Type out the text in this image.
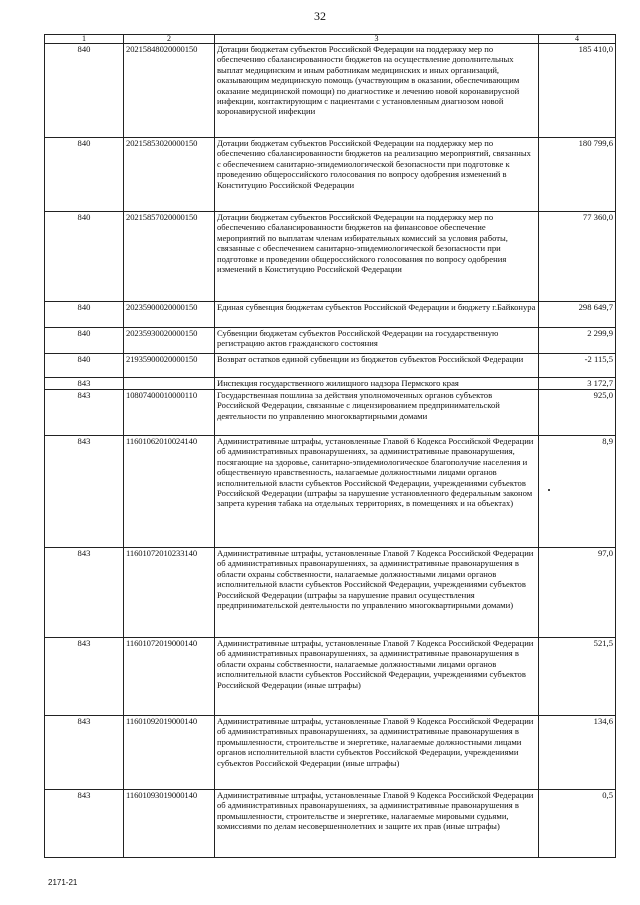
32
1	2	3	4
840	20215848020000150	Дотации бюджетам субъектов Российской Федерации на поддержку мер по обеспечению сбалансированности бюджетов на осуществление дополнительных выплат медицинским и иным работникам медицинских и иных организаций, оказывающим медицинскую помощь (участвующим в оказании, обеспечивающим оказание медицинской помощи) по диагностике и лечению новой коронавирусной инфекции, контактирующим с пациентами с установленным диагнозом новой коронавирусной инфекции	185 410,0
840	20215853020000150	Дотации бюджетам субъектов Российской Федерации на поддержку мер по обеспечению сбалансированности бюджетов на реализацию мероприятий, связанных с обеспечением санитарно-эпидемиологической безопасности при подготовке к проведению общероссийского голосования по вопросу одобрения изменений в Конституцию Российской Федерации	180 799,6
840	20215857020000150	Дотации бюджетам субъектов Российской Федерации на поддержку мер по обеспечению сбалансированности бюджетов на финансовое обеспечение мероприятий по выплатам членам избирательных комиссий за условия работы, связанные с обеспечением санитарно-эпидемиологической безопасности при подготовке и проведении общероссийского голосования по вопросу одобрения изменений в Конституцию Российской Федерации	77 360,0
840	20235900020000150	Единая субвенция бюджетам субъектов Российской Федерации и бюджету г.Байконура	298 649,7
840	20235930020000150	Субвенции бюджетам субъектов Российской Федерации на государственную регистрацию актов гражданского состояния	2 299,9
840	21935900020000150	Возврат остатков единой субвенции из бюджетов субъектов Российской Федерации	-2 115,5
843		Инспекция государственного жилищного надзора Пермского края	3 172,7
843	10807400010000110	Государственная пошлина за действия уполномоченных органов субъектов Российской Федерации, связанные с лицензированием предпринимательской деятельности по управлению многоквартирными домами	925,0
843	11601062010024140	Административные штрафы, установленные Главой 6 Кодекса Российской Федерации об административных правонарушениях, за административные правонарушения, посягающие на здоровье, санитарно-эпидемиологическое благополучие населения и общественную нравственность, налагаемые должностными лицами органов исполнительной власти субъектов Российской Федерации, учреждениями субъектов Российской Федерации (штрафы за нарушение установленного федеральным законом запрета курения табака на отдельных территориях, в помещениях и на объектах)	8,9
843	11601072010233140	Административные штрафы, установленные Главой 7 Кодекса Российской Федерации об административных правонарушениях, за административные правонарушения в области охраны собственности, налагаемые должностными лицами органов исполнительной власти субъектов Российской Федерации, учреждениями субъектов Российской Федерации (штрафы за нарушение правил осуществления предпринимательской деятельности по управлению многоквартирными домами)	97,0
843	11601072019000140	Административные штрафы, установленные Главой 7 Кодекса Российской Федерации об административных правонарушениях, за административные правонарушения в области охраны собственности, налагаемые должностными лицами органов исполнительной власти субъектов Российской Федерации, учреждениями субъектов Российской Федерации (иные штрафы)	521,5
843	11601092019000140	Административные штрафы, установленные Главой 9 Кодекса Российской Федерации об административных правонарушениях, за административные правонарушения в промышленности, строительстве и энергетике, налагаемые должностными лицами органов исполнительной власти субъектов Российской Федерации, учреждениями субъектов Российской Федерации (иные штрафы)	134,6
843	11601093019000140	Административные штрафы, установленные Главой 9 Кодекса Российской Федерации об административных правонарушениях, за административные правонарушения в промышленности, строительстве и энергетике, налагаемые мировыми судьями, комиссиями по делам несовершеннолетних и защите их прав (иные штрафы)	0,5
2171-21
